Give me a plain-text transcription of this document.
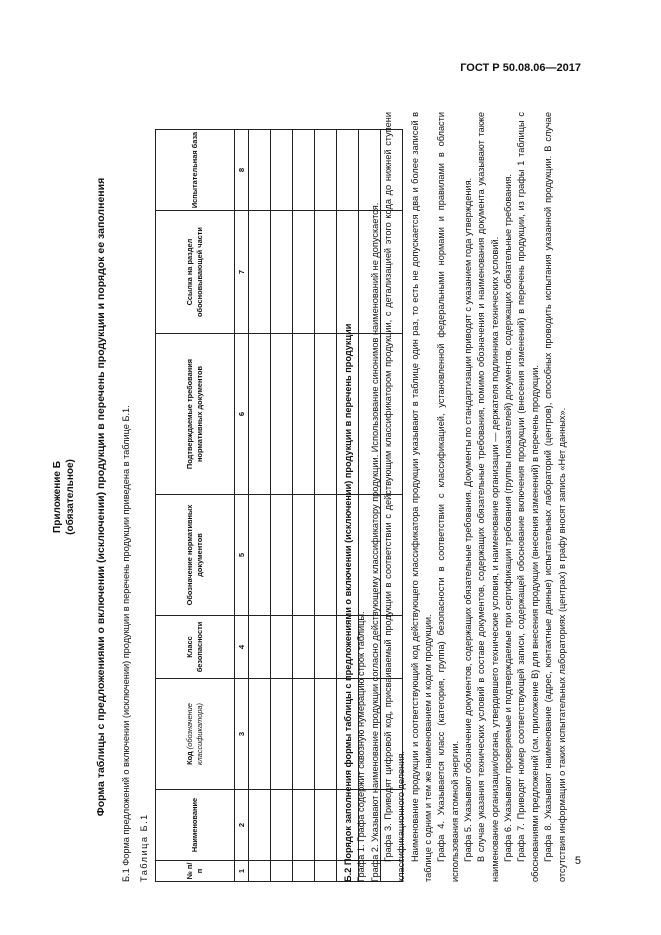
ГОСТ Р 50.08.06—2017
5
Приложение Б (обязательное) Форма таблицы с предложениями о включении (исключении) продукции в перечень продукции и порядок ее заполнения Б.1 Форма предложений о включении (исключении) продукции в перечень продукции приведена в таблице Б.1. Таблица Б.1	№ п/п	Наименование	Код (обозначение классификатора)	Класс безопасности	Обозначение нормативных документов	Подтверждаемые требования нормативных документов	Ссылка на раздел обосновывающей части	Испытательная база
1	2	3	4	5	6	7	8

Б.2 Порядок заполнения формы таблицы с предложениями о включении (исключении) продукции в перечень продукции Графа 1. Графа содержит сквозную нумерацию строк таблицы. Графа 2. Указывают наименование продукции согласно действующему классификатору продукции. Использование синонимов наименований не допускается. Графа 3. Приводят цифровой код, присваиваемый продукции в соответствии с действующим классификатором продукции, с детализацией этого кода до нижней ступени классификационного деления. Наименование продукции и соответствующий код действующего классификатора продукции указывают в таблице один раз, то есть не допускается два и более записей в таблице с одним и тем же наименованием и кодом продукции. Графа 4. Указывается класс (категория, группа) безопасности в соответствии с классификацией, установленной федеральными нормами и правилами в области использования атомной энергии. Графа 5. Указывают обозначение документов, содержащих обязательные требования. Документы по стандартизации приводят с указанием года утверждения. В случае указания технических условий в составе документов, содержащих обязательные требования, помимо обозначения и наименования документа указывают также наименование организации/органа, утвердившего технические условия, и наименование организации — держателя подлинника технических условий. Графа 6. Указывают проверяемые и подтверждаемые при сертификации требования (группы показателей) документов, содержащих обязательные требования. Графа 7. Приводят номер соответствующей записи, содержащей обоснование включения продукции (внесения изменений) в перечень продукции, из графы 1 таблицы с обоснованиями предложений (см. приложение В) для внесения продукции (внесения изменений) в перечень продукции. Графа 8. Указывают наименование (адрес, контактные данные) испытательных лабораторий (центров), способных проводить испытания указанной продукции. В случае отсутствия информации о таких испытательных лабораториях (центрах) в графу вносят запись «Нет данных».
